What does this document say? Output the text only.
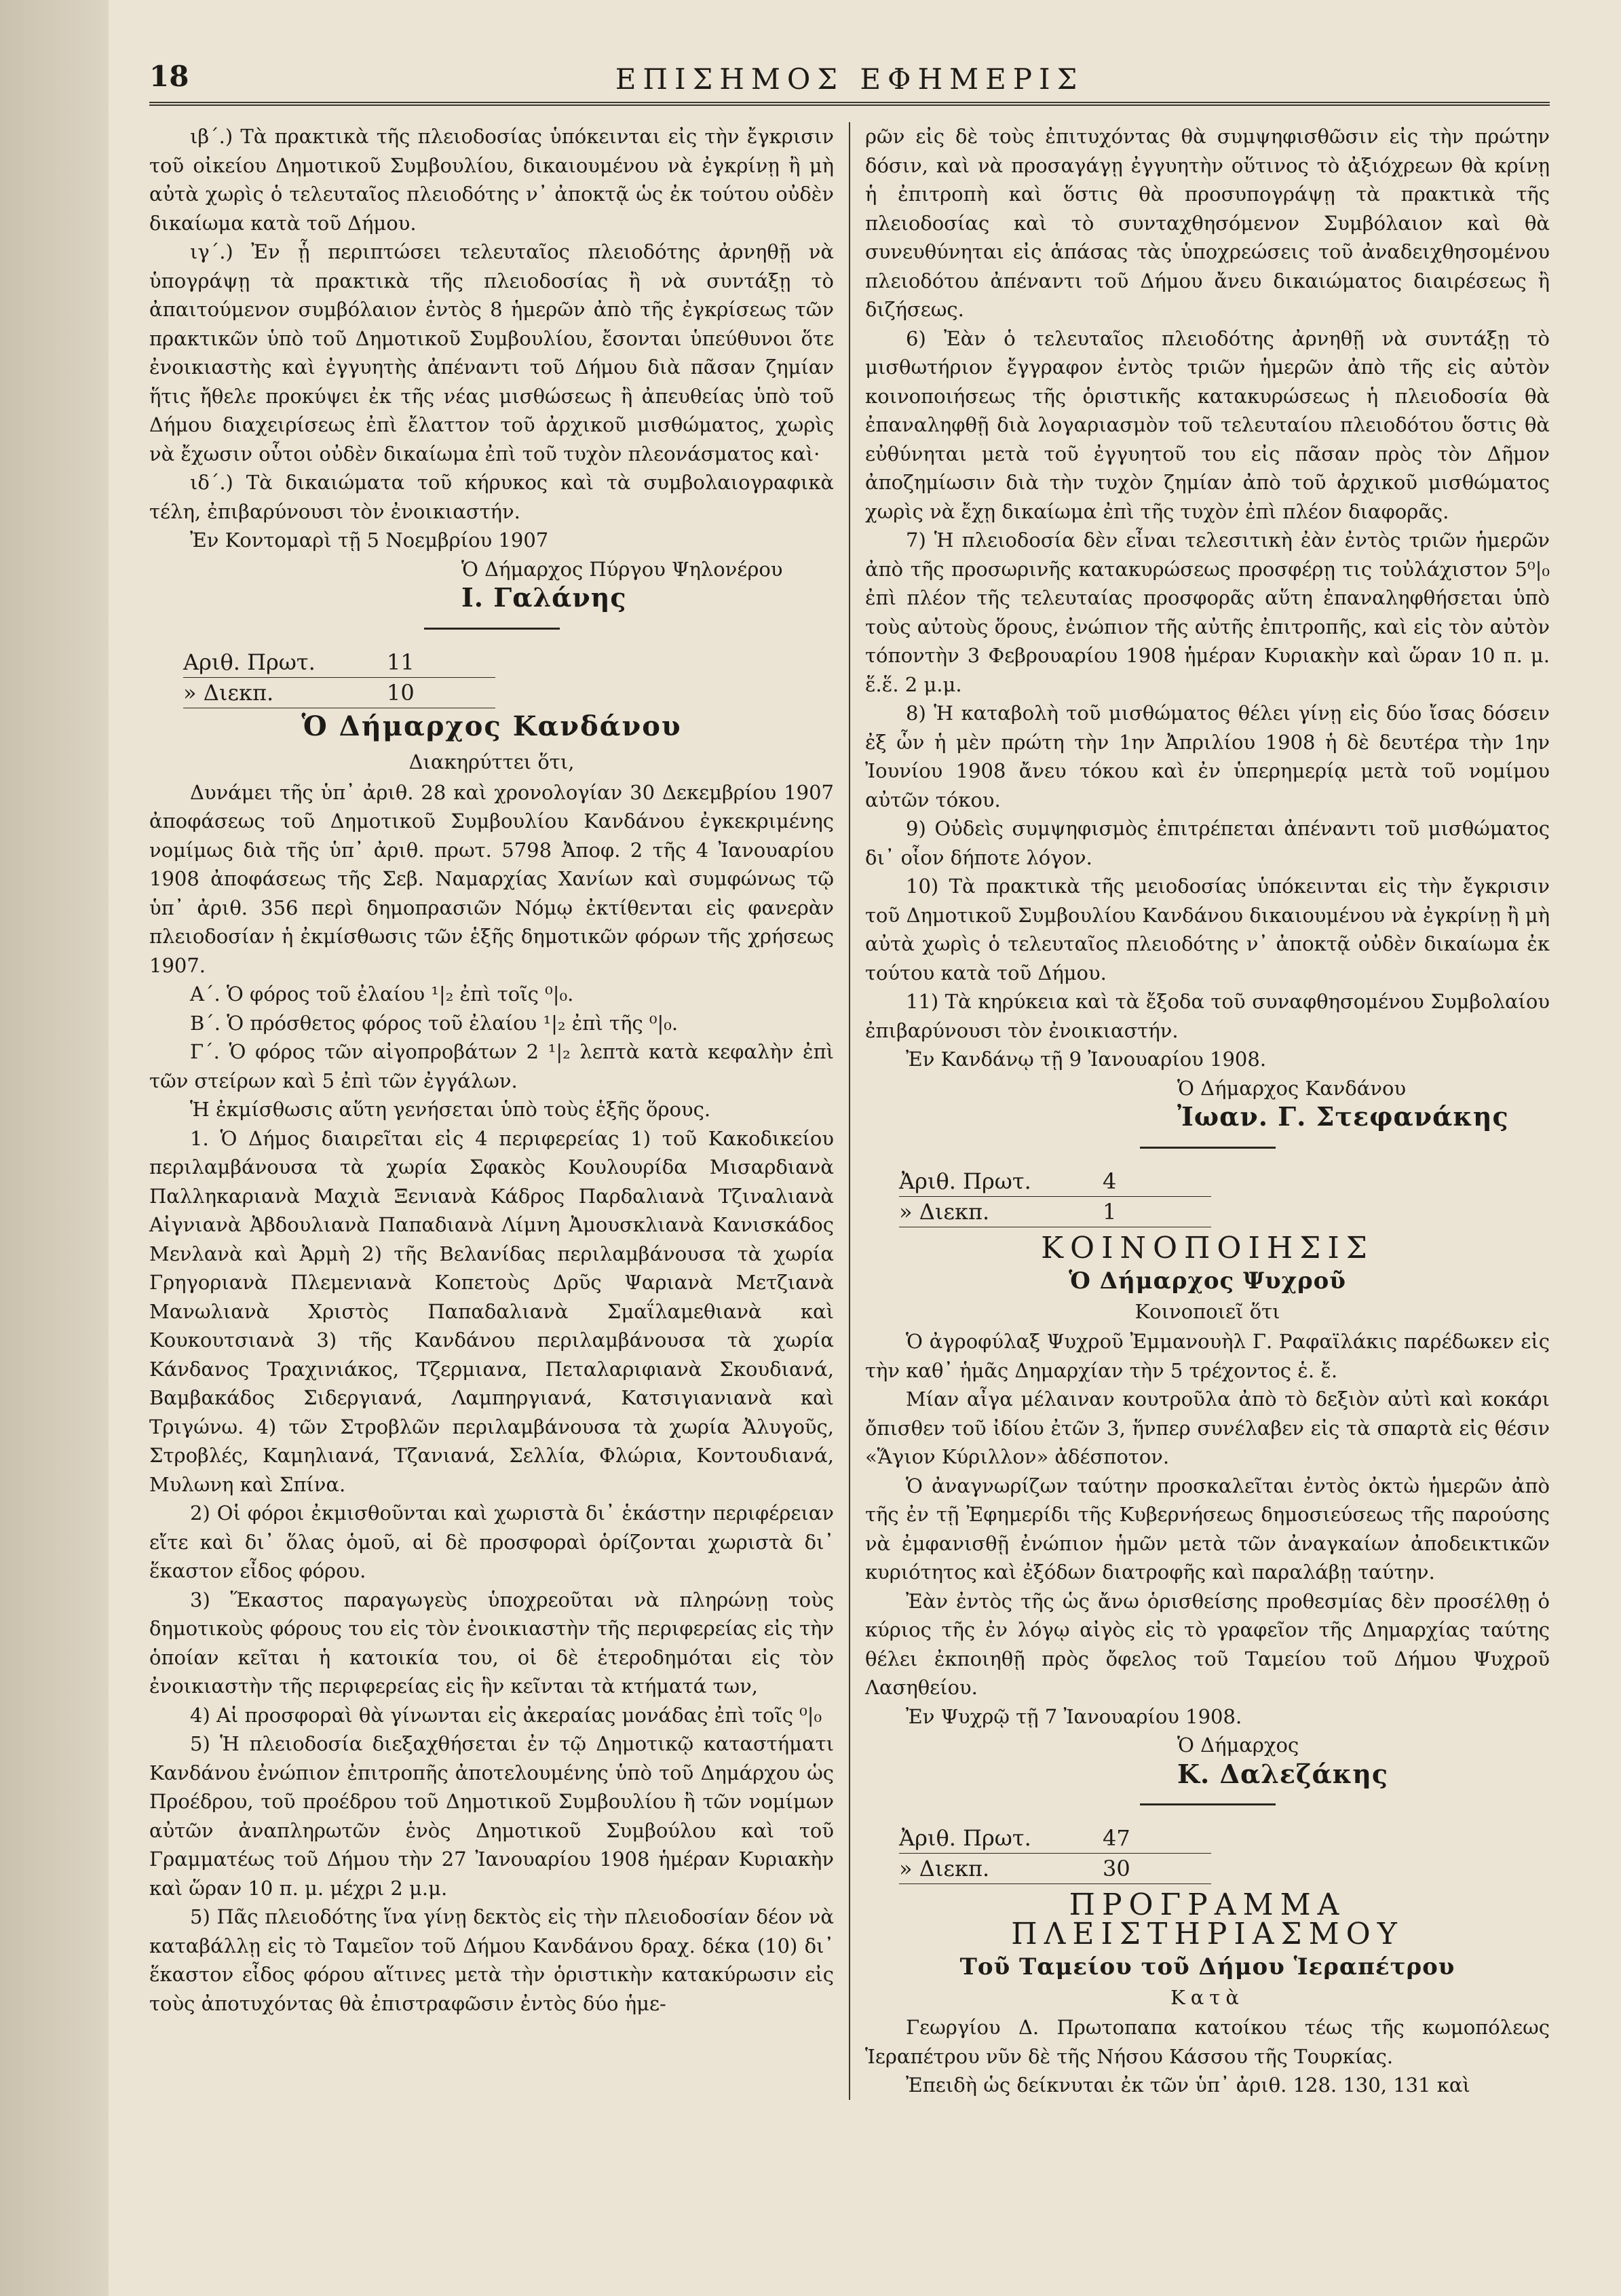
18	ΕΠΙΣΗΜΟΣ ΕΦΗΜΕΡΙΣ

ιβ΄.) Τὰ πρακτικὰ τῆς πλειοδοσίας ὑπόκεινται εἰς τὴν ἔγκρισιν τοῦ οἰκείου Δημοτικοῦ Συμβουλίου, δικαιουμένου νὰ ἐγκρίνῃ ἢ μὴ αὐτὰ χωρὶς ὁ τελευταῖος πλειοδότης ν᾽ ἀποκτᾷ ὡς ἐκ τούτου οὐδὲν δικαίωμα κατὰ τοῦ Δήμου.

ιγ΄.) Ἐν ᾗ περιπτώσει τελευταῖος πλειοδότης ἀρνηθῇ νὰ ὑπογράψῃ τὰ πρακτικὰ τῆς πλειοδοσίας ἢ νὰ συντάξῃ τὸ ἀπαιτούμενον συμβόλαιον ἐντὸς 8 ἡμερῶν ἀπὸ τῆς ἐγκρίσεως τῶν πρακτικῶν ὑπὸ τοῦ Δημοτικοῦ Συμβουλίου, ἔσονται ὑπεύθυνοι ὅτε ἐνοικιαστὴς καὶ ἐγγυητὴς ἀπέναντι τοῦ Δήμου διὰ πᾶσαν ζημίαν ἥτις ἤθελε προκύψει ἐκ τῆς νέας μισθώσεως ἢ ἀπευθείας ὑπὸ τοῦ Δήμου διαχειρίσεως ἐπὶ ἔλαττον τοῦ ἀρχικοῦ μισθώματος, χωρὶς νὰ ἔχωσιν οὗτοι οὐδὲν δικαίωμα ἐπὶ τοῦ τυχὸν πλεονάσματος καὶ·

ιδ΄.) Τὰ δικαιώματα τοῦ κήρυκος καὶ τὰ συμβολαιογραφικὰ τέλη, ἐπιβαρύνουσι τὸν ἐνοικιαστήν.

Ἐν Κοντομαρὶ τῇ 5 Νοεμβρίου 1907

Ὁ Δήμαρχος Πύργου Ψηλονέρου
Ι. Γαλάνης
Αριθ. Πρωτ.	11
» Διεκπ.	10
Ὁ Δήμαρχος Κανδάνου
Διακηρύττει ὅτι,

Δυνάμει τῆς ὑπ᾽ ἀριθ. 28 καὶ χρονολογίαν 30 Δεκεμβρίου 1907 ἀποφάσεως τοῦ Δημοτικοῦ Συμβουλίου Κανδάνου ἐγκεκριμένης νομίμως διὰ τῆς ὑπ᾽ ἀριθ. πρωτ. 5798 Ἀποφ. 2 τῆς 4 Ἰανουαρίου 1908 ἀποφάσεως τῆς Σεβ. Ναμαρχίας Χανίων καὶ συμφώνως τῷ ὑπ᾽ ἀριθ. 356 περὶ δημοπρασιῶν Νόμῳ ἐκτίθενται εἰς φανερὰν πλειοδοσίαν ἡ ἐκμίσθωσις τῶν ἑξῆς δημοτικῶν φόρων τῆς χρήσεως 1907.

Α΄. Ὁ φόρος τοῦ ἐλαίου ¹|₂ ἐπὶ τοῖς ⁰|₀.

Β΄. Ὁ πρόσθετος φόρος τοῦ ἐλαίου ¹|₂ ἐπὶ τῆς ⁰|₀.

Γ΄. Ὁ φόρος τῶν αἰγοπροβάτων 2 ¹|₂ λεπτὰ κατὰ κεφαλὴν ἐπὶ τῶν στείρων καὶ 5 ἐπὶ τῶν ἐγγάλων.

Ἡ ἐκμίσθωσις αὕτη γενήσεται ὑπὸ τοὺς ἑξῆς ὅρους.

1. Ὁ Δήμος διαιρεῖται εἰς 4 περιφερείας 1) τοῦ Κακοδικείου περιλαμβάνουσα τὰ χωρία Σφακὸς Κουλουρίδα Μισαρδιανὰ Παλληκαριανὰ Μαχιὰ Ξενιανὰ Κάδρος Παρδαλιανὰ Τζιναλιανὰ Αἰγνιανὰ Ἀβδουλιανὰ Παπαδιανὰ Λίμνη Ἀμουσκλιανὰ Κανισκάδος Μενλανὰ καὶ Ἀρμὴ 2) τῆς Βελανίδας περιλαμβάνουσα τὰ χωρία Γρηγοριανὰ Πλεμενιανὰ Κοπετοὺς Δρῦς Ψαριανὰ Μετζιανὰ Μανωλιανὰ Χριστὸς Παπαδαλιανὰ Σμαΐλαμεθιανὰ καὶ Κουκουτσιανὰ 3) τῆς Κανδάνου περιλαμβάνουσα τὰ χωρία Κάνδανος Τραχινιάκος, Τζερμιανα, Πεταλαριφιανὰ Σκουδιανά, Βαμβακάδος Σιδεργιανά, Λαμπηργιανά, Κατσιγιανιανὰ καὶ Τριγώνω. 4) τῶν Στροβλῶν περιλαμβάνουσα τὰ χωρία Ἀλυγοῦς, Στροβλές, Καμηλιανά, Τζανιανά, Σελλία, Φλώρια, Κοντουδιανά, Μυλωνη καὶ Σπίνα.

2) Οἱ φόροι ἐκμισθοῦνται καὶ χωριστὰ δι᾽ ἑκάστην περιφέρειαν εἴτε καὶ δι᾽ ὅλας ὁμοῦ, αἱ δὲ προσφοραὶ ὁρίζονται χωριστὰ δι᾽ ἕκαστον εἶδος φόρου.

3) Ἕκαστος παραγωγεὺς ὑποχρεοῦται νὰ πληρώνῃ τοὺς δημοτικοὺς φόρους του εἰς τὸν ἐνοικιαστὴν τῆς περιφερείας εἰς τὴν ὁποίαν κεῖται ἡ κατοικία του, οἱ δὲ ἑτεροδημόται εἰς τὸν ἐνοικιαστὴν τῆς περιφερείας εἰς ἣν κεῖνται τὰ κτήματά των,

4) Αἱ προσφοραὶ θὰ γίνωνται εἰς ἀκεραίας μονάδας ἐπὶ τοῖς ⁰|₀

5) Ἡ πλειοδοσία διεξαχθήσεται ἐν τῷ Δημοτικῷ καταστήματι Κανδάνου ἐνώπιον ἐπιτροπῆς ἀποτελουμένης ὑπὸ τοῦ Δημάρχου ὡς Προέδρου, τοῦ προέδρου τοῦ Δημοτικοῦ Συμβουλίου ἢ τῶν νομίμων αὐτῶν ἀναπληρωτῶν ἑνὸς Δημοτικοῦ Συμβούλου καὶ τοῦ Γραμματέως τοῦ Δήμου τὴν 27 Ἰανουαρίου 1908 ἡμέραν Κυριακὴν καὶ ὥραν 10 π. μ. μέχρι 2 μ.μ.

5) Πᾶς πλειοδότης ἵνα γίνῃ δεκτὸς εἰς τὴν πλειοδοσίαν δέον νὰ καταβάλλῃ εἰς τὸ Ταμεῖον τοῦ Δήμου Κανδάνου δραχ. δέκα (10) δι᾽ ἕκαστον εἶδος φόρου αἵτινες μετὰ τὴν ὁριστικὴν κατακύρωσιν εἰς τοὺς ἀποτυχόντας θὰ ἐπιστραφῶσιν ἐντὸς δύο ἡμε-

ρῶν εἰς δὲ τοὺς ἐπιτυχόντας θὰ συμψηφισθῶσιν εἰς τὴν πρώτην δόσιν, καὶ νὰ προσαγάγῃ ἐγγυητὴν οὕτινος τὸ ἀξιόχρεων θὰ κρίνῃ ἡ ἐπιτροπὴ καὶ ὅστις θὰ προσυπογράψῃ τὰ πρακτικὰ τῆς πλειοδοσίας καὶ τὸ συνταχθησόμενον Συμβόλαιον καὶ θὰ συνευθύνηται εἰς ἁπάσας τὰς ὑποχρεώσεις τοῦ ἀναδειχθησομένου πλειοδότου ἀπέναντι τοῦ Δήμου ἄνευ δικαιώματος διαιρέσεως ἢ διζήσεως.

6) Ἐὰν ὁ τελευταῖος πλειοδότης ἀρνηθῇ νὰ συντάξῃ τὸ μισθωτήριον ἔγγραφον ἐντὸς τριῶν ἡμερῶν ἀπὸ τῆς εἰς αὐτὸν κοινοποιήσεως τῆς ὁριστικῆς κατακυρώσεως ἡ πλειοδοσία θὰ ἐπαναληφθῇ διὰ λογαριασμὸν τοῦ τελευταίου πλειοδότου ὅστις θὰ εὐθύνηται μετὰ τοῦ ἐγγυητοῦ του εἰς πᾶσαν πρὸς τὸν Δῆμον ἀποζημίωσιν διὰ τὴν τυχὸν ζημίαν ἀπὸ τοῦ ἀρχικοῦ μισθώματος χωρὶς νὰ ἔχῃ δικαίωμα ἐπὶ τῆς τυχὸν ἐπὶ πλέον διαφορᾶς.

7) Ἡ πλειοδοσία δὲν εἶναι τελεσιτικὴ ἐὰν ἐντὸς τριῶν ἡμερῶν ἀπὸ τῆς προσωρινῆς κατακυρώσεως προσφέρῃ τις τοὐλάχιστον 5⁰|₀ ἐπὶ πλέον τῆς τελευταίας προσφορᾶς αὕτη ἐπαναληφθήσεται ὑπὸ τοὺς αὐτοὺς ὅρους, ἐνώπιον τῆς αὐτῆς ἐπιτροπῆς, καὶ εἰς τὸν αὐτὸν τόποντὴν 3 Φεβρουαρίου 1908 ἡμέραν Κυριακὴν καὶ ὥραν 10 π. μ. ἕ.ἕ. 2 μ.μ.

8) Ἡ καταβολὴ τοῦ μισθώματος θέλει γίνῃ εἰς δύο ἴσας δόσειν ἐξ ὧν ἡ μὲν πρώτη τὴν 1ην Ἀπριλίου 1908 ἡ δὲ δευτέρα τὴν 1ην Ἰουνίου 1908 ἄνευ τόκου καὶ ἐν ὑπερημερίᾳ μετὰ τοῦ νομίμου αὐτῶν τόκου.

9) Οὐδεὶς συμψηφισμὸς ἐπιτρέπεται ἀπέναντι τοῦ μισθώματος δι᾽ οἷον δήποτε λόγον.

10) Τὰ πρακτικὰ τῆς μειοδοσίας ὑπόκεινται εἰς τὴν ἔγκρισιν τοῦ Δημοτικοῦ Συμβουλίου Κανδάνου δικαιουμένου νὰ ἐγκρίνῃ ἢ μὴ αὐτὰ χωρὶς ὁ τελευταῖος πλειοδότης ν᾽ ἀποκτᾷ οὐδὲν δικαίωμα ἐκ τούτου κατὰ τοῦ Δήμου.

11) Τὰ κηρύκεια καὶ τὰ ἔξοδα τοῦ συναφθησομένου Συμβολαίου ἐπιβαρύνουσι τὸν ἐνοικιαστήν.

Ἐν Κανδάνῳ τῇ 9 Ἰανουαρίου 1908.

Ὁ Δήμαρχος Κανδάνου
Ἰωαν. Γ. Στεφανάκης
Ἀριθ. Πρωτ.	4
» Διεκπ.	1
ΚΟΙΝΟΠΟΙΗΣΙΣ
Ὁ Δήμαρχος Ψυχροῦ
Κοινοποιεῖ ὅτι

Ὁ ἀγροφύλαξ Ψυχροῦ Ἐμμανουὴλ Γ. Ραφαϊλάκις παρέδωκεν εἰς τὴν καθ᾽ ἡμᾶς Δημαρχίαν τὴν 5 τρέχοντος ἑ. ἔ.

Μίαν αἶγα μέλαιναν κουτροῦλα ἀπὸ τὸ δεξιὸν αὐτὶ καὶ κοκάρι ὄπισθεν τοῦ ἰδίου ἐτῶν 3, ἥνπερ συνέλαβεν εἰς τὰ σπαρτὰ εἰς θέσιν «Ἅγιον Κύριλλον» ἀδέσποτον.

Ὁ ἀναγνωρίζων ταύτην προσκαλεῖται ἐντὸς ὀκτὼ ἡμερῶν ἀπὸ τῆς ἐν τῇ Ἐφημερίδι τῆς Κυβερνήσεως δημοσιεύσεως τῆς παρούσης νὰ ἐμφανισθῇ ἐνώπιον ἡμῶν μετὰ τῶν ἀναγκαίων ἀποδεικτικῶν κυριότητος καὶ ἐξόδων διατροφῆς καὶ παραλάβῃ ταύτην.

Ἐὰν ἐντὸς τῆς ὡς ἄνω ὁρισθείσης προθεσμίας δὲν προσέλθῃ ὁ κύριος τῆς ἐν λόγῳ αἰγὸς εἰς τὸ γραφεῖον τῆς Δημαρχίας ταύτης θέλει ἐκποιηθῇ πρὸς ὄφελος τοῦ Ταμείου τοῦ Δήμου Ψυχροῦ Λασηθείου.

Ἐν Ψυχρῷ τῇ 7 Ἰανουαρίου 1908.

Ὁ Δήμαρχος
Κ. Δαλεζάκης
Ἀριθ. Πρωτ.	47
» Διεκπ.	30
ΠΡΟΓΡΑΜΜΑ ΠΛΕΙΣΤΗΡΙΑΣΜΟΥ
Τοῦ Ταμείου τοῦ Δήμου Ἱεραπέτρου
Κατὰ

Γεωργίου Δ. Πρωτοπαπα κατοίκου τέως τῆς κωμοπόλεως Ἱεραπέτρου νῦν δὲ τῆς Νήσου Κάσσου τῆς Τουρκίας.

Ἐπειδὴ ὡς δείκνυται ἐκ τῶν ὑπ᾽ ἀριθ. 128. 130, 131 καὶ
